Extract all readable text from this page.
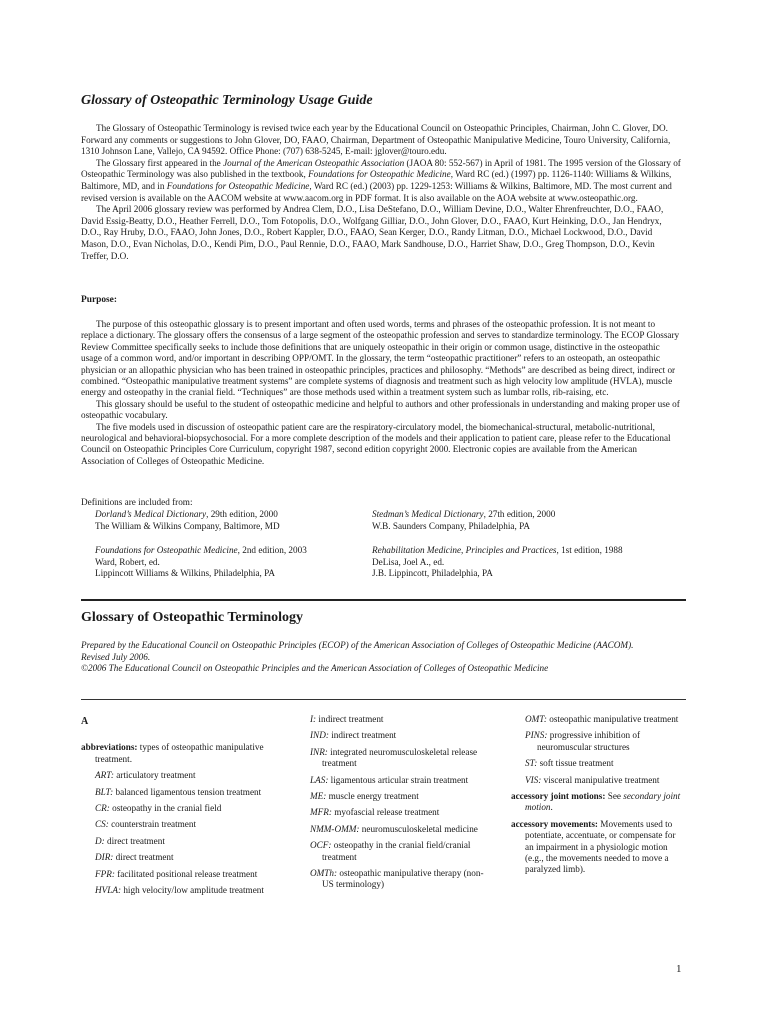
Glossary of Osteopathic Terminology Usage Guide

The Glossary of Osteopathic Terminology is revised twice each year by the Educational Council on Osteopathic Principles, Chairman, John C. Glover, DO. Forward any comments or suggestions to John Glover, DO, FAAO, Chairman, Department of Osteopathic Manipulative Medicine, Touro University, California, 1310 Johnson Lane, Vallejo, CA 94592. Office Phone: (707) 638-5245, E-mail: jglover@touro.edu.

The Glossary first appeared in the Journal of the American Osteopathic Association (JAOA 80: 552-567) in April of 1981. The 1995 version of the Glossary of Osteopathic Terminology was also published in the textbook, Foundations for Osteopathic Medicine, Ward RC (ed.) (1997) pp. 1126-1140: Williams & Wilkins, Baltimore, MD, and in Foundations for Osteopathic Medicine, Ward RC (ed.) (2003) pp. 1229-1253: Williams & Wilkins, Baltimore, MD. The most current and revised version is available on the AACOM website at www.aacom.org in PDF format. It is also available on the AOA website at www.osteopathic.org.

The April 2006 glossary review was performed by Andrea Clem, D.O., Lisa DeStefano, D.O., William Devine, D.O., Walter Ehrenfreuchter, D.O., FAAO, David Essig-Beatty, D.O., Heather Ferrell, D.O., Tom Fotopolis, D.O., Wolfgang Gilliar, D.O., John Glover, D.O., FAAO, Kurt Heinking, D.O., Jan Hendryx, D.O., Ray Hruby, D.O., FAAO, John Jones, D.O., Robert Kappler, D.O., FAAO, Sean Kerger, D.O., Randy Litman, D.O., Michael Lockwood, D.O., David Mason, D.O., Evan Nicholas, D.O., Kendi Pim, D.O., Paul Rennie, D.O., FAAO, Mark Sandhouse, D.O., Harriet Shaw, D.O., Greg Thompson, D.O., Kevin Treffer, D.O.

Purpose:

The purpose of this osteopathic glossary is to present important and often used words, terms and phrases of the osteopathic profession. It is not meant to replace a dictionary. The glossary offers the consensus of a large segment of the osteopathic profession and serves to standardize terminology. The ECOP Glossary Review Committee specifically seeks to include those definitions that are uniquely osteopathic in their origin or common usage, distinctive in the osteopathic usage of a common word, and/or important in describing OPP/OMT. In the glossary, the term “osteopathic practitioner” refers to an osteopath, an osteopathic physician or an allopathic physician who has been trained in osteopathic principles, practices and philosophy. “Methods” are described as being direct, indirect or combined. “Osteopathic manipulative treatment systems” are complete systems of diagnosis and treatment such as high velocity low amplitude (HVLA), muscle energy and osteopathy in the cranial field. “Techniques” are those methods used within a treatment system such as lumbar rolls, rib-raising, etc.

This glossary should be useful to the student of osteopathic medicine and helpful to authors and other professionals in understanding and making proper use of osteopathic vocabulary.

The five models used in discussion of osteopathic patient care are the respiratory-circulatory model, the biomechanical-structural, metabolic-nutritional, neurological and behavioral-biopsychosocial. For a more complete description of the models and their application to patient care, please refer to the Educational Council on Osteopathic Principles Core Curriculum, copyright 1987, second edition copyright 2000. Electronic copies are available from the American Association of Colleges of Osteopathic Medicine.

Definitions are included from:

Dorland’s Medical Dictionary, 29th edition, 2000
The William & Wilkins Company, Baltimore, MD
Stedman’s Medical Dictionary, 27th edition, 2000
W.B. Saunders Company, Philadelphia, PA
Foundations for Osteopathic Medicine, 2nd edition, 2003
Ward, Robert, ed.
Lippincott Williams & Wilkins, Philadelphia, PA
Rehabilitation Medicine, Principles and Practices, 1st edition, 1988
DeLisa, Joel A., ed.
J.B. Lippincott, Philadelphia, PA
Glossary of Osteopathic Terminology
Prepared by the Educational Council on Osteopathic Principles (ECOP) of the American Association of Colleges of Osteopathic Medicine (AACOM).
Revised July 2006.
©2006 The Educational Council on Osteopathic Principles and the American Association of Colleges of Osteopathic Medicine
A
abbreviations: types of osteopathic manipulative treatment.
ART: articulatory treatment
BLT: balanced ligamentous tension treatment
CR: osteopathy in the cranial field
CS: counterstrain treatment
D: direct treatment
DIR: direct treatment
FPR: facilitated positional release treatment
HVLA: high velocity/low amplitude treatment
I: indirect treatment
IND: indirect treatment
INR: integrated neuromusculoskeletal release treatment
LAS: ligamentous articular strain treatment
ME: muscle energy treatment
MFR: myofascial release treatment
NMM-OMM: neuromusculoskeletal medicine
OCF: osteopathy in the cranial field/cranial treatment
OMTh: osteopathic manipulative therapy (non-US terminology)
OMT: osteopathic manipulative treatment
PINS: progressive inhibition of neuromuscular structures
ST: soft tissue treatment
VIS: visceral manipulative treatment
accessory joint motions: See secondary joint motion.
accessory movements: Movements used to potentiate, accentuate, or compensate for an impairment in a physiologic motion (e.g., the movements needed to move a paralyzed limb).
1
